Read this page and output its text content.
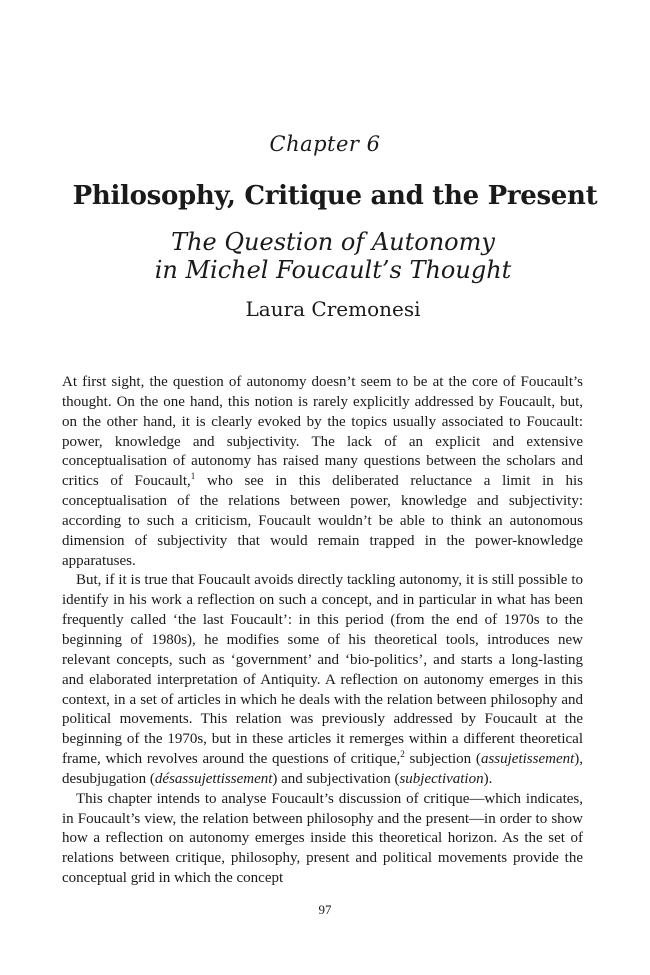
Chapter 6
Philosophy, Critique and the Present
The Question of Autonomy
in Michel Foucault’s Thought
Laura Cremonesi

At first sight, the question of autonomy doesn’t seem to be at the core of Foucault’s thought. On the one hand, this notion is rarely explicitly addressed by Foucault, but, on the other hand, it is clearly evoked by the topics usually associated to Foucault: power, knowledge and subjectivity. The lack of an explicit and extensive conceptualisation of autonomy has raised many questions between the scholars and critics of Foucault,$^1$ who see in this deliberated reluctance a limit in his conceptualisation of the relations between power, knowledge and subjectivity: according to such a criticism, Foucault wouldn’t be able to think an autonomous dimension of subjectivity that would remain trapped in the power-knowledge apparatuses.

But, if it is true that Foucault avoids directly tackling autonomy, it is still possible to identify in his work a reflection on such a concept, and in particular in what has been frequently called ‘the last Foucault’: in this period (from the end of 1970s to the beginning of 1980s), he modifies some of his theoretical tools, introduces new relevant concepts, such as ‘government’ and ‘bio-politics’, and starts a long-lasting and elaborated interpretation of Antiquity. A reflection on autonomy emerges in this context, in a set of articles in which he deals with the relation between philosophy and political movements. This relation was previously addressed by Foucault at the beginning of the 1970s, but in these articles it remerges within a different theoretical frame, which revolves around the questions of critique,$^2$ subjection (assujetissement), desubjugation (désassujettissement) and subjectivation (subjectivation).

This chapter intends to analyse Foucault’s discussion of critique—which indicates, in Foucault’s view, the relation between philosophy and the present—in order to show how a reflection on autonomy emerges inside this theoretical horizon. As the set of relations between critique, philosophy, present and political movements provide the conceptual grid in which the concept

97
